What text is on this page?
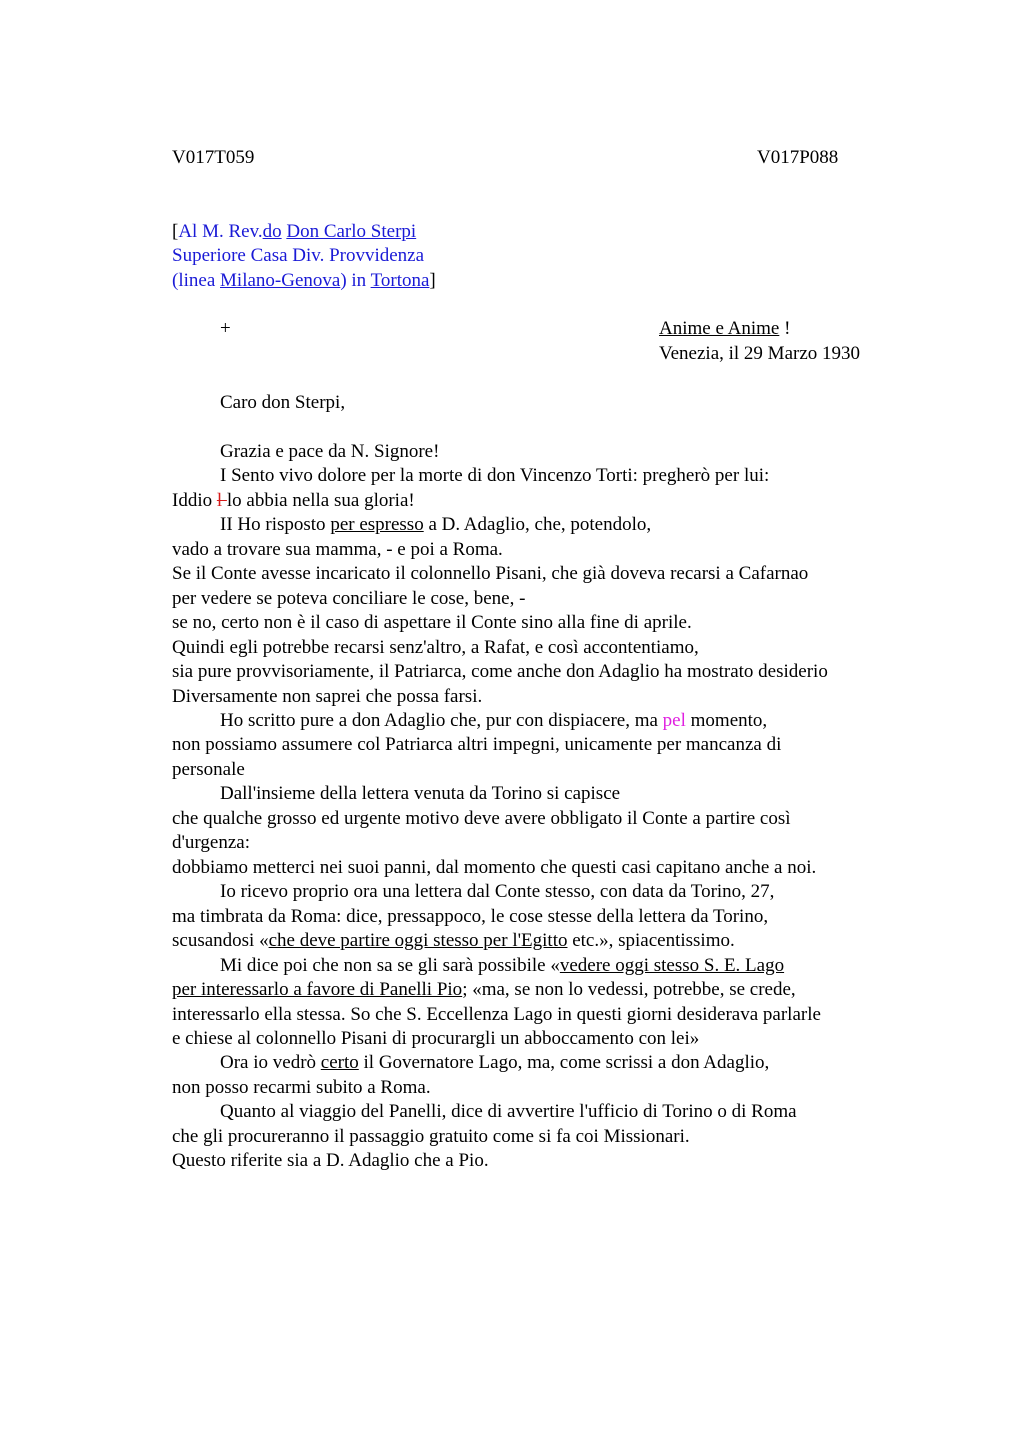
V017T059	V017P088
[Al M. Rev.do Don Carlo Sterpi
Superiore Casa Div. Provvidenza
(linea Milano-Genova) in Tortona]
+	Anime e Anime !
Venezia, il 29 Marzo 1930
Caro don Sterpi,
Grazia e pace da N. Signore!
I Sento vivo dolore per la morte di don Vincenzo Torti: pregherò per lui:
Iddio l lo abbia nella sua gloria!
II Ho risposto per espresso a D. Adaglio, che, potendolo,
vado a trovare sua mamma, - e poi a Roma.
Se il Conte avesse incaricato il colonnello Pisani, che già doveva recarsi a Cafarnao
per vedere se poteva conciliare le cose, bene, -
se no, certo non è il caso di aspettare il Conte sino alla fine di aprile.
Quindi egli potrebbe recarsi senz'altro, a Rafat, e così accontentiamo,
sia pure provvisoriamente, il Patriarca, come anche don Adaglio ha mostrato desiderio
Diversamente non saprei che possa farsi.
Ho scritto pure a don Adaglio che, pur con dispiacere, ma pel momento,
non possiamo assumere col Patriarca altri impegni, unicamente per mancanza di
personale
Dall'insieme della lettera venuta da Torino si capisce
che qualche grosso ed urgente motivo deve avere obbligato il Conte a partire così
d'urgenza:
dobbiamo metterci nei suoi panni, dal momento che questi casi capitano anche a noi.
Io ricevo proprio ora una lettera dal Conte stesso, con data da Torino, 27,
ma timbrata da Roma: dice, pressappoco, le cose stesse della lettera da Torino,
scusandosi «che deve partire oggi stesso per l'Egitto etc.», spiacentissimo.
Mi dice poi che non sa se gli sarà possibile «vedere oggi stesso S. E. Lago
per interessarlo a favore di Panelli Pio; «ma, se non lo vedessi, potrebbe, se crede,
interessarlo ella stessa. So che S. Eccellenza Lago in questi giorni desiderava parlarle
e chiese al colonnello Pisani di procurargli un abboccamento con lei»
Ora io vedrò certo il Governatore Lago, ma, come scrissi a don Adaglio,
non posso recarmi subito a Roma.
Quanto al viaggio del Panelli, dice di avvertire l'ufficio di Torino o di Roma
che gli procureranno il passaggio gratuito come si fa coi Missionari.
Questo riferite sia a D. Adaglio che a Pio.
